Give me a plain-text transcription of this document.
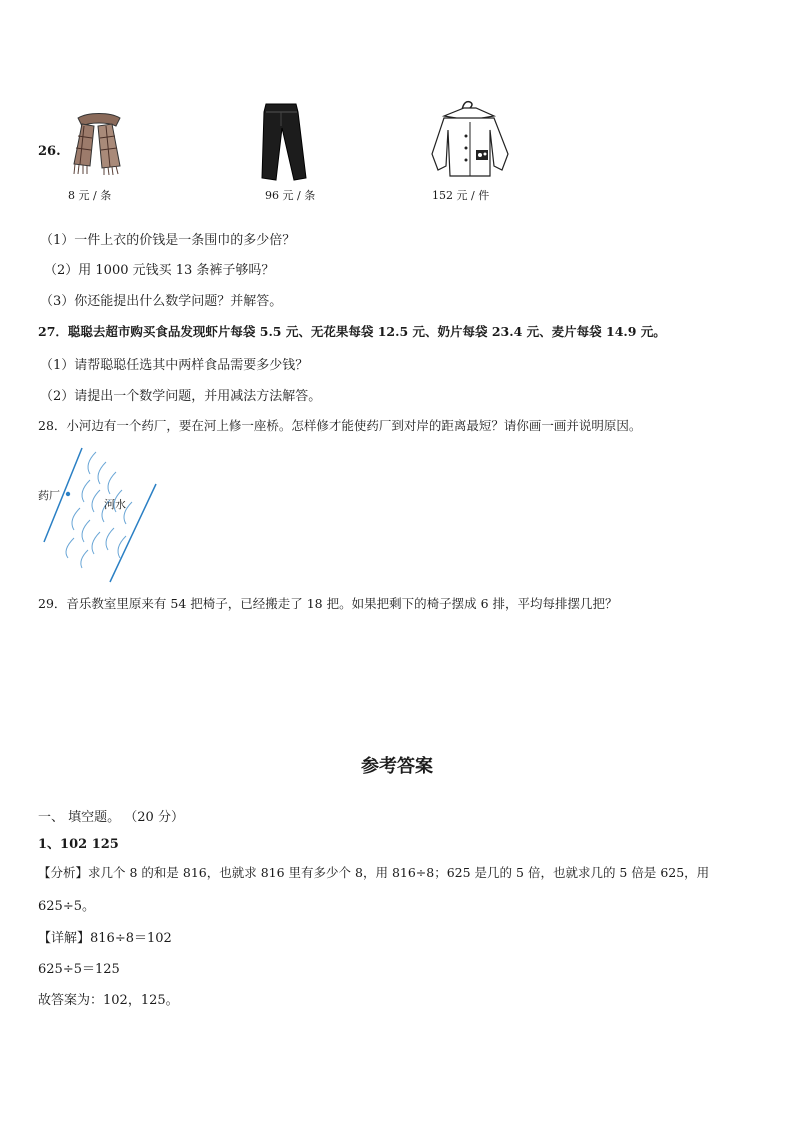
26.
8 元 / 条	96 元 / 条	152 元 / 件
（1）一件上衣的价钱是一条围巾的多少倍？
（2）用 1000 元钱买 13 条裤子够吗？
（3）你还能提出什么数学问题？并解答。
27．聪聪去超市购买食品发现虾片每袋 5.5 元、无花果每袋 12.5 元、奶片每袋 23.4 元、麦片每袋 14.9 元。
（1）请帮聪聪任选其中两样食品需要多少钱？
（2）请提出一个数学问题，并用减法方法解答。
28．小河边有一个药厂，要在河上修一座桥。怎样修才能使药厂到对岸的距离最短？请你画一画并说明原因。
药厂
河水
29．音乐教室里原来有 54 把椅子，已经搬走了 18 把。如果把剩下的椅子摆成 6 排，平均每排摆几把？
参考答案
一、 填空题。 （20 分）
1、102 125
【分析】求几个 8 的和是 816，也就求 816 里有多少个 8，用 816÷8；625 是几的 5 倍，也就求几的 5 倍是 625，用
625÷5。
【详解】816÷8＝102
625÷5＝125
故答案为：102，125。
